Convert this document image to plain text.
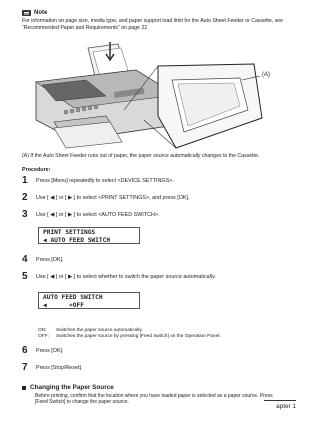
Note
For information on page size, media type, and paper support load limit for the Auto Sheet Feeder or Cassette, see “Recommended Paper and Requirements” on page 22.
(A)
(A) If the Auto Sheet Feeder runs out of paper, the paper source automatically changes to the Cassette.
Procedure:
1	Press [Menu] repeatedly to select <DEVICE SETTINGS>.
2	Use [ ◀ ] or [ ▶ ] to select <PRINT SETTINGS>, and press [OK].
3	Use [ ◀ ] or [ ▶ ] to select <AUTO FEED SWITCH>.
PRINT SETTINGS
◀ AUTO FEED SWITCH
4	Press [OK].
5	Use [ ◀ ] or [ ▶ ] to select whether to switch the paper source automatically.
AUTO FEED SWITCH
◀      ∗OFF
ON:	Switches the paper source automatically.
OFF:	Switches the paper source by pressing [Feed Switch] on the Operation Panel.
6	Press [OK].
7	Press [Stop/Reset].
Changing the Paper Source
Before printing, confirm that the location where you have loaded paper is selected as a paper source. Press [Feed Switch] to change the paper source.
apter 1
